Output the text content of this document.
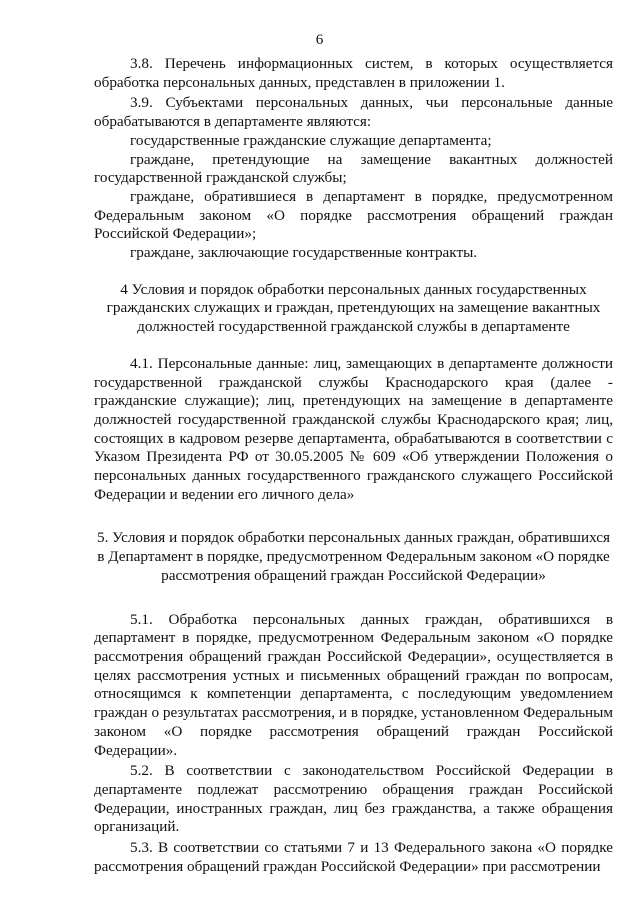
6

3.8. Перечень информационных систем, в которых осуществляется обработка персональных данных, представлен в приложении 1.

3.9. Субъектами персональных данных, чьи персональные данные обрабатываются в департаменте являются:

государственные гражданские служащие департамента;

граждане, претендующие на замещение вакантных должностей государственной гражданской службы;

граждане, обратившиеся в департамент в порядке, предусмотренном Федеральным законом «О порядке рассмотрения обращений граждан Российской Федерации»;

граждане, заключающие государственные контракты.

4 Условия и порядок обработки персональных данных государственных гражданских служащих и граждан, претендующих на замещение вакантных должностей государственной гражданской службы в департаменте

4.1. Персональные данные: лиц, замещающих в департаменте должности государственной гражданской службы Краснодарского края (далее - гражданские служащие); лиц, претендующих на замещение в департаменте должностей государственной гражданской службы Краснодарского края; лиц, состоящих в кадровом резерве департамента, обрабатываются в соответствии с Указом Президента РФ от 30.05.2005 № 609 «Об утверждении Положения о персональных данных государственного гражданского служащего Российской Федерации и ведении его личного дела»

5. Условия и порядок обработки персональных данных граждан, обратившихся в Департамент в порядке, предусмотренном Федеральным законом «О порядке рассмотрения обращений граждан Российской Федерации»

5.1. Обработка персональных данных граждан, обратившихся в департамент в порядке, предусмотренном Федеральным законом «О порядке рассмотрения обращений граждан Российской Федерации», осуществляется в целях рассмотрения устных и письменных обращений граждан по вопросам, относящимся к компетенции департамента, с последующим уведомлением граждан о результатах рассмотрения, и в порядке, установленном Федеральным законом «О порядке рассмотрения обращений граждан Российской Федерации».

5.2. В соответствии с законодательством Российской Федерации в департаменте подлежат рассмотрению обращения граждан Российской Федерации, иностранных граждан, лиц без гражданства, а также обращения организаций.

5.3. В соответствии со статьями 7 и 13 Федерального закона «О порядке рассмотрения обращений граждан Российской Федерации» при рассмотрении
